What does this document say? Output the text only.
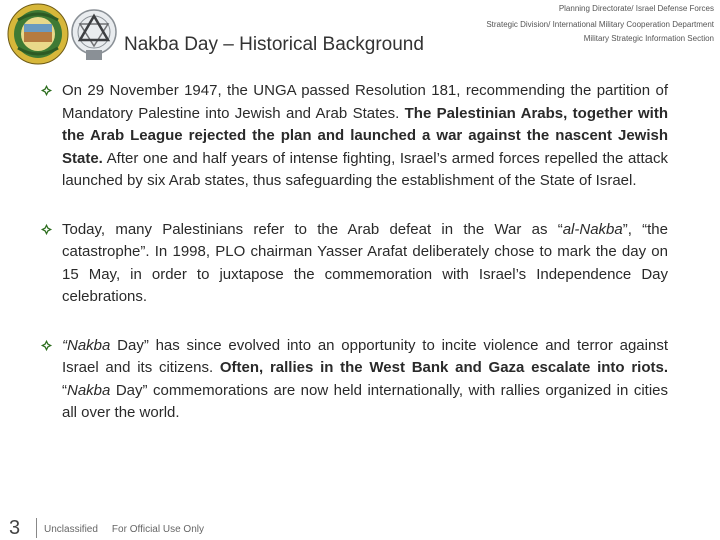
Nakba Day – Historical Background
Planning Directorate/ Israel Defense Forces
Strategic Division/ International Military Cooperation Department
Military Strategic Information Section
On 29 November 1947, the UNGA passed Resolution 181, recommending the partition of Mandatory Palestine into Jewish and Arab States. The Palestinian Arabs, together with the Arab League rejected the plan and launched a war against the nascent Jewish State. After one and half years of intense fighting, Israel’s armed forces repelled the attack launched by six Arab states, thus safeguarding the establishment of the State of Israel.
Today, many Palestinians refer to the Arab defeat in the War as “al-Nakba”, “the catastrophe”. In 1998, PLO chairman Yasser Arafat deliberately chose to mark the day on 15 May, in order to juxtapose the commemoration with Israel’s Independence Day celebrations.
“Nakba Day” has since evolved into an opportunity to incite violence and terror against Israel and its citizens. Often, rallies in the West Bank and Gaza escalate into riots. “Nakba Day” commemorations are now held internationally, with rallies organized in cities all over the world.
3 Unclassified For Official Use Only
